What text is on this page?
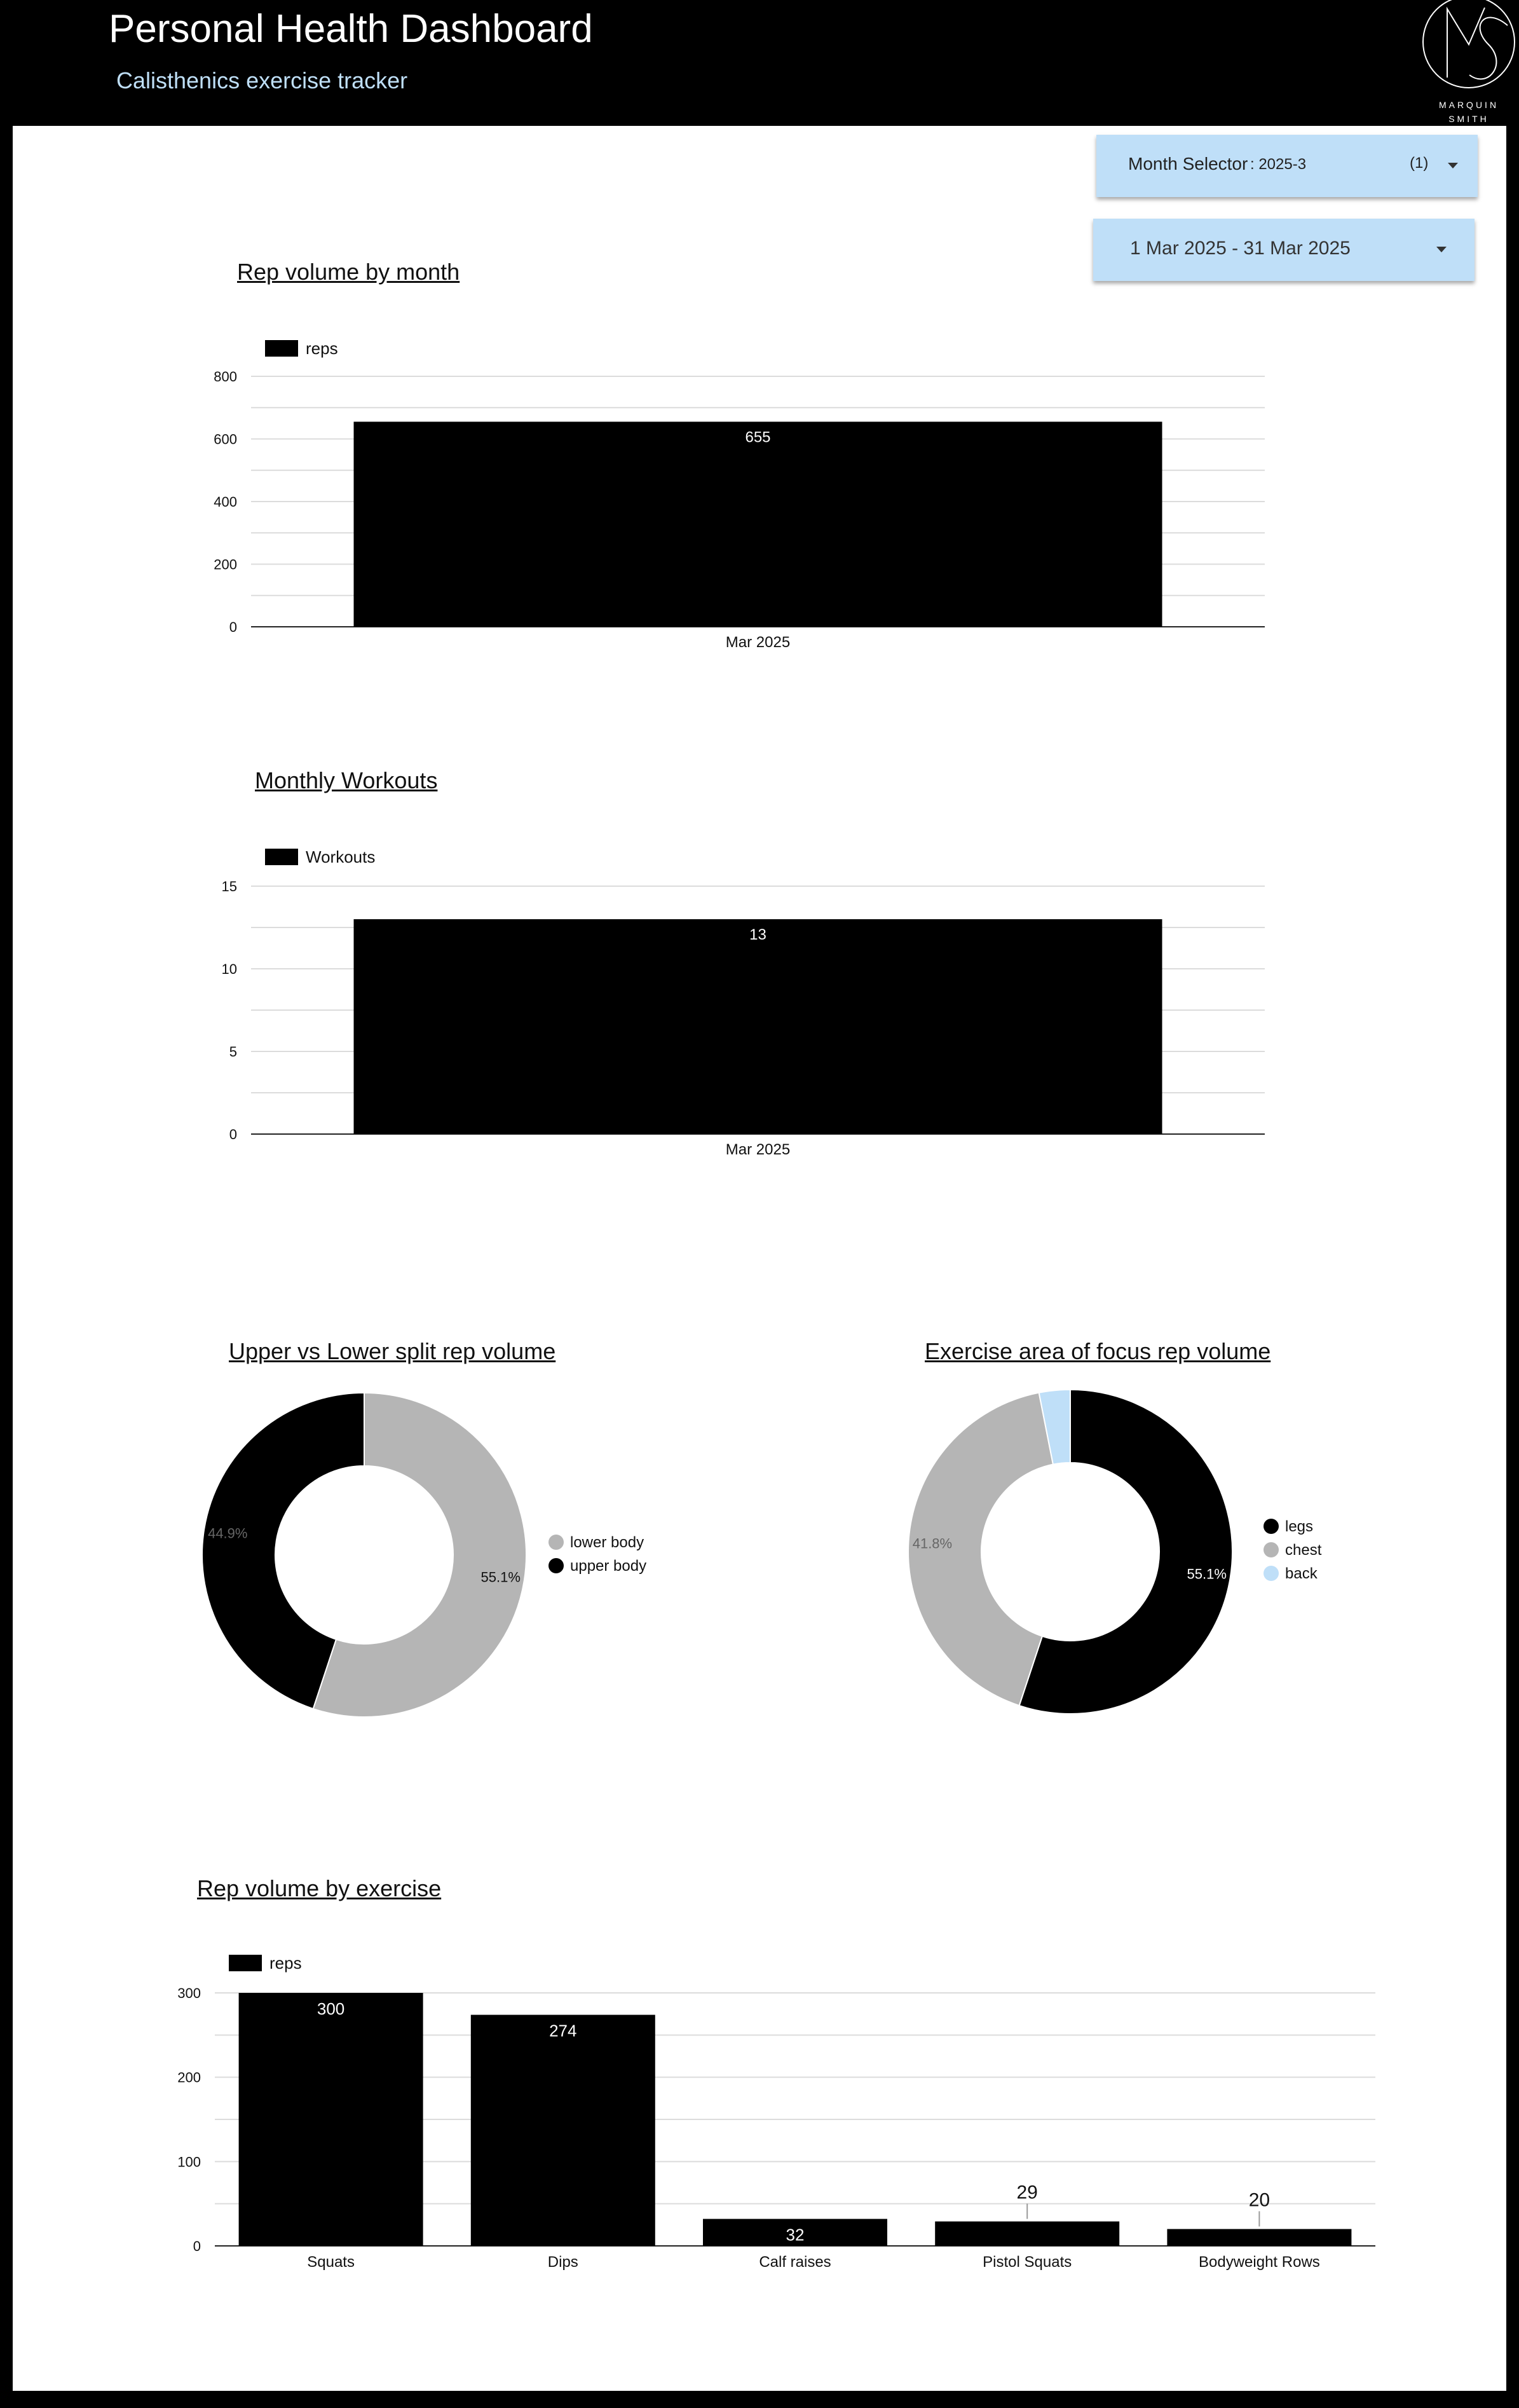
Personal Health Dashboard
Calisthenics exercise tracker
MARQUIN
SMITH
Month Selector : 2025-3	(1)
1 Mar 2025 - 31 Mar 2025
Rep volume by month
Monthly Workouts
Upper vs Lower split rep volume	Exercise area of focus rep volume
Rep volume by exercise
0
200
400
600
800
reps
655
Mar 2025
0
5
10
15
Workouts
13
Mar 2025
0
100
200
300
reps
300
Squats
274
Dips
32
Calf raises
29
Pistol Squats
20
Bodyweight Rows
55.1%
lower body
44.9%
upper body	55.1%
legs
41.8%	chest
back
